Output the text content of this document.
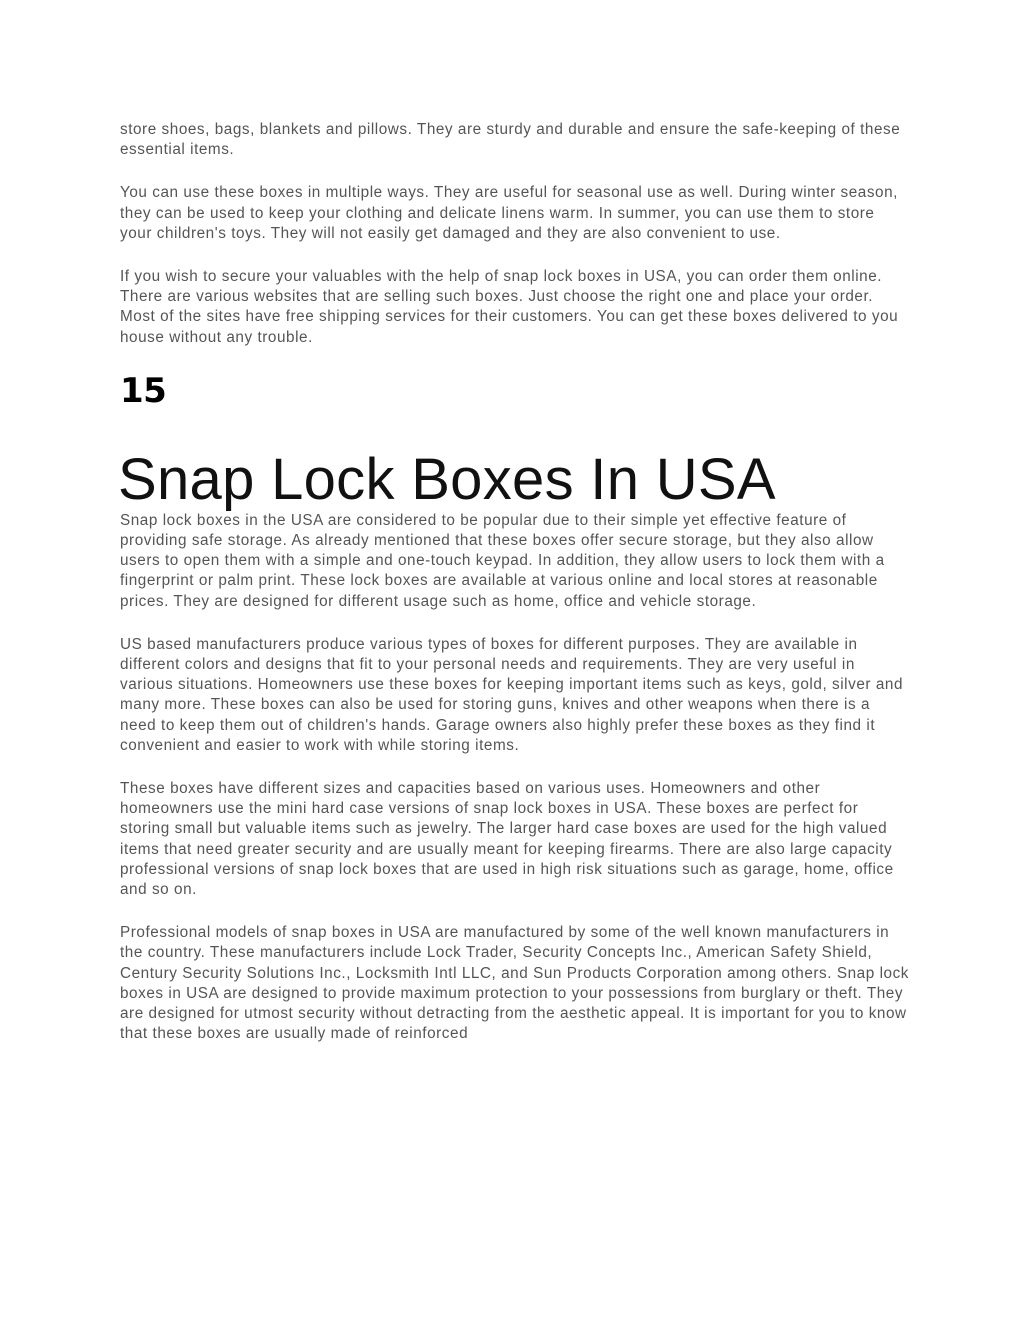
store shoes, bags, blankets and pillows. They are sturdy and durable and ensure the safe-keeping of these essential items.

You can use these boxes in multiple ways. They are useful for seasonal use as well. During winter season, they can be used to keep your clothing and delicate linens warm. In summer, you can use them to store your children's toys. They will not easily get damaged and they are also convenient to use.

If you wish to secure your valuables with the help of snap lock boxes in USA, you can order them online. There are various websites that are selling such boxes. Just choose the right one and place your order. Most of the sites have free shipping services for their customers. You can get these boxes delivered to you house without any trouble.

15
Snap Lock Boxes In USA

Snap lock boxes in the USA are considered to be popular due to their simple yet effective feature of providing safe storage. As already mentioned that these boxes offer secure storage, but they also allow users to open them with a simple and one-touch keypad. In addition, they allow users to lock them with a fingerprint or palm print. These lock boxes are available at various online and local stores at reasonable prices. They are designed for different usage such as home, office and vehicle storage.

US based manufacturers produce various types of boxes for different purposes. They are available in different colors and designs that fit to your personal needs and requirements. They are very useful in various situations. Homeowners use these boxes for keeping important items such as keys, gold, silver and many more. These boxes can also be used for storing guns, knives and other weapons when there is a need to keep them out of children's hands. Garage owners also highly prefer these boxes as they find it convenient and easier to work with while storing items.

These boxes have different sizes and capacities based on various uses. Homeowners and other homeowners use the mini hard case versions of snap lock boxes in USA. These boxes are perfect for storing small but valuable items such as jewelry. The larger hard case boxes are used for the high valued items that need greater security and are usually meant for keeping firearms. There are also large capacity professional versions of snap lock boxes that are used in high risk situations such as garage, home, office and so on.

Professional models of snap boxes in USA are manufactured by some of the well known manufacturers in the country. These manufacturers include Lock Trader, Security Concepts Inc., American Safety Shield, Century Security Solutions Inc., Locksmith Intl LLC, and Sun Products Corporation among others. Snap lock boxes in USA are designed to provide maximum protection to your possessions from burglary or theft. They are designed for utmost security without detracting from the aesthetic appeal. It is important for you to know that these boxes are usually made of reinforced
